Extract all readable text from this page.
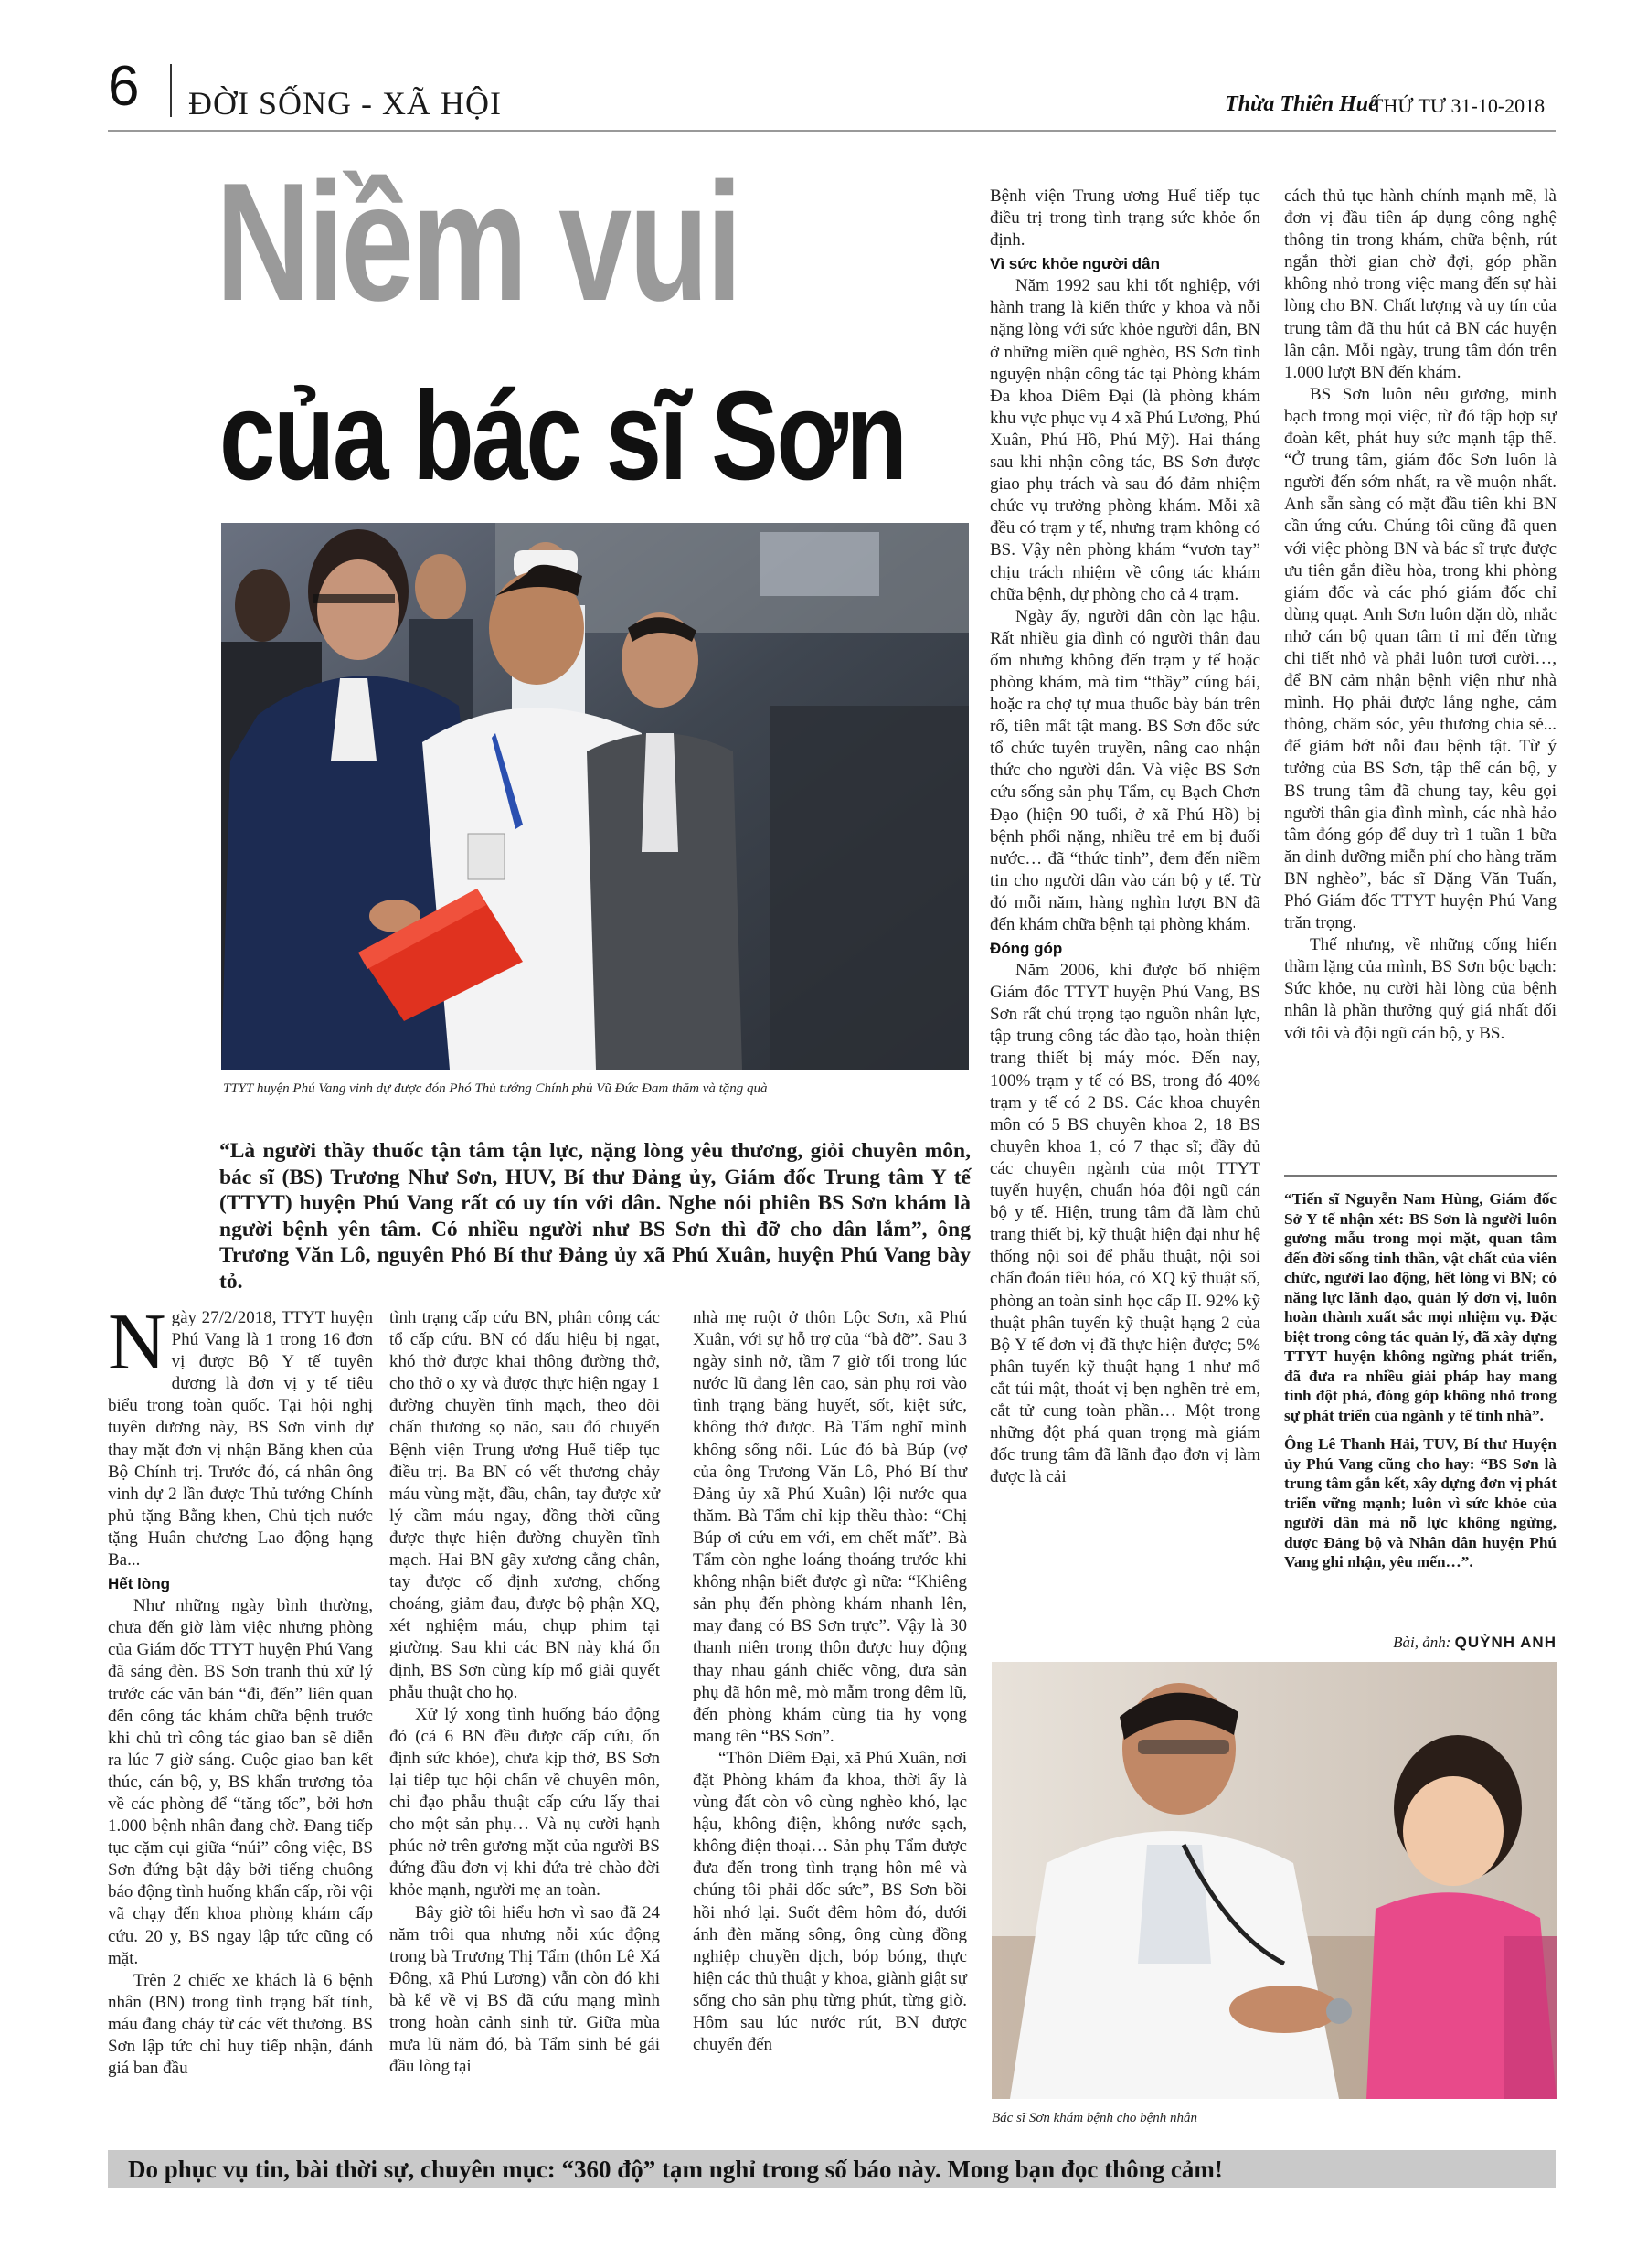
6 ĐỜI SỐNG - XÃ HỘI	Thừa Thiên Huế
THỨ TƯ 31-10-2018
Niềm vui
của bác sĩ Sơn
TTYT huyện Phú Vang vinh dự được đón Phó Thủ tướng Chính phủ Vũ Đức Đam thăm và tặng quà

Bệnh viện Trung ương Huế tiếp tục điều trị trong tình trạng sức khỏe ổn định.

Vì sức khỏe người dân

Năm 1992 sau khi tốt nghiệp, với hành trang là kiến thức y khoa và nỗi nặng lòng với sức khỏe người dân, BN ở những miền quê nghèo, BS Sơn tình nguyện nhận công tác tại Phòng khám Đa khoa Diêm Đại (là phòng khám khu vực phục vụ 4 xã Phú Lương, Phú Xuân, Phú Hồ, Phú Mỹ). Hai tháng sau khi nhận công tác, BS Sơn được giao phụ trách và sau đó đảm nhiệm chức vụ trưởng phòng khám. Mỗi xã đều có trạm y tế, nhưng trạm không có BS. Vậy nên phòng khám “vươn tay” chịu trách nhiệm về công tác khám chữa bệnh, dự phòng cho cả 4 trạm.

Ngày ấy, người dân còn lạc hậu. Rất nhiều gia đình có người thân đau ốm nhưng không đến trạm y tế hoặc phòng khám, mà tìm “thầy” cúng bái, hoặc ra chợ tự mua thuốc bày bán trên rổ, tiền mất tật mang. BS Sơn đốc sức tổ chức tuyên truyền, nâng cao nhận thức cho người dân. Và việc BS Sơn cứu sống sản phụ Tẩm, cụ Bạch Chơn Đạo (hiện 90 tuổi, ở xã Phú Hồ) bị bệnh phổi nặng, nhiều trẻ em bị đuối nước… đã “thức tỉnh”, đem đến niềm tin cho người dân vào cán bộ y tế. Từ đó mỗi năm, hàng nghìn lượt BN đã đến khám chữa bệnh tại phòng khám.

Đóng góp

Năm 2006, khi được bổ nhiệm Giám đốc TTYT huyện Phú Vang, BS Sơn rất chú trọng tạo nguồn nhân lực, tập trung công tác đào tạo, hoàn thiện trang thiết bị máy móc. Đến nay, 100% trạm y tế có BS, trong đó 40% trạm y tế có 2 BS. Các khoa chuyên môn có 5 BS chuyên khoa 2, 18 BS chuyên khoa 1, có 7 thạc sĩ; đầy đủ các chuyên ngành của một TTYT tuyến huyện, chuẩn hóa đội ngũ cán bộ y tế. Hiện, trung tâm đã làm chủ trang thiết bị, kỹ thuật hiện đại như hệ thống nội soi để phẫu thuật, nội soi chẩn đoán tiêu hóa, có XQ kỹ thuật số, phòng an toàn sinh học cấp II. 92% kỹ thuật phân tuyến kỹ thuật hạng 2 của Bộ Y tế đơn vị đã thực hiện được; 5% phân tuyến kỹ thuật hạng 1 như mổ cắt túi mật, thoát vị bẹn nghẽn trẻ em, cắt tử cung toàn phần… Một trong những đột phá quan trọng mà giám đốc trung tâm đã lãnh đạo đơn vị làm được là cải

cách thủ tục hành chính mạnh mẽ, là đơn vị đầu tiên áp dụng công nghệ thông tin trong khám, chữa bệnh, rút ngắn thời gian chờ đợi, góp phần không nhỏ trong việc mang đến sự hài lòng cho BN. Chất lượng và uy tín của trung tâm đã thu hút cả BN các huyện lân cận. Mỗi ngày, trung tâm đón trên 1.000 lượt BN đến khám.

BS Sơn luôn nêu gương, minh bạch trong mọi việc, từ đó tập hợp sự đoàn kết, phát huy sức mạnh tập thể. “Ở trung tâm, giám đốc Sơn luôn là người đến sớm nhất, ra về muộn nhất. Anh sẵn sàng có mặt đầu tiên khi BN cần ứng cứu. Chúng tôi cũng đã quen với việc phòng BN và bác sĩ trực được ưu tiên gắn điều hòa, trong khi phòng giám đốc và các phó giám đốc chỉ dùng quạt. Anh Sơn luôn dặn dò, nhắc nhở cán bộ quan tâm tỉ mỉ đến từng chi tiết nhỏ và phải luôn tươi cười…, để BN cảm nhận bệnh viện như nhà mình. Họ phải được lắng nghe, cảm thông, chăm sóc, yêu thương chia sẻ... để giảm bớt nỗi đau bệnh tật. Từ ý tưởng của BS Sơn, tập thể cán bộ, y BS trung tâm đã chung tay, kêu gọi người thân gia đình mình, các nhà hảo tâm đóng góp để duy trì 1 tuần 1 bữa ăn dinh dưỡng miễn phí cho hàng trăm BN nghèo”, bác sĩ Đặng Văn Tuấn, Phó Giám đốc TTYT huyện Phú Vang trăn trọng.

Thế nhưng, về những cống hiến thầm lặng của mình, BS Sơn bộc bạch: Sức khỏe, nụ cười hài lòng của bệnh nhân là phần thưởng quý giá nhất đối với tôi và đội ngũ cán bộ, y BS.

“Tiến sĩ Nguyễn Nam Hùng, Giám đốc Sở Y tế nhận xét: BS Sơn là người luôn gương mẫu trong mọi mặt, quan tâm đến đời sống tinh thần, vật chất của viên chức, người lao động, hết lòng vì BN; có năng lực lãnh đạo, quản lý đơn vị, luôn hoàn thành xuất sắc mọi nhiệm vụ. Đặc biệt trong công tác quản lý, đã xây dựng TTYT huyện không ngừng phát triển, đã đưa ra nhiều giải pháp hay mang tính đột phá, đóng góp không nhỏ trong sự phát triển của ngành y tế tỉnh nhà”.

Ông Lê Thanh Hải, TUV, Bí thư Huyện ủy Phú Vang cũng cho hay: “BS Sơn là trung tâm gắn kết, xây dựng đơn vị phát triển vững mạnh; luôn vì sức khỏe của người dân mà nỗ lực không ngừng, được Đảng bộ và Nhân dân huyện Phú Vang ghi nhận, yêu mến…”.

Bài, ảnh: QUỲNH ANH
“Là người thầy thuốc tận tâm tận lực, nặng lòng yêu thương, giỏi chuyên môn, bác sĩ (BS) Trương Như Sơn, HUV, Bí thư Đảng ủy, Giám đốc Trung tâm Y tế (TTYT) huyện Phú Vang rất có uy tín với dân. Nghe nói phiên BS Sơn khám là người bệnh yên tâm. Có nhiều người như BS Sơn thì đỡ cho dân lắm”, ông Trương Văn Lô, nguyên Phó Bí thư Đảng ủy xã Phú Xuân, huyện Phú Vang bày tỏ.

Ngày 27/2/2018, TTYT huyện Phú Vang là 1 trong 16 đơn vị được Bộ Y tế tuyên dương là đơn vị y tế tiêu biểu trong toàn quốc. Tại hội nghị tuyên dương này, BS Sơn vinh dự thay mặt đơn vị nhận Bằng khen của Bộ Chính trị. Trước đó, cá nhân ông vinh dự 2 lần được Thủ tướng Chính phủ tặng Bằng khen, Chủ tịch nước tặng Huân chương Lao động hạng Ba...

Hết lòng

Như những ngày bình thường, chưa đến giờ làm việc nhưng phòng của Giám đốc TTYT huyện Phú Vang đã sáng đèn. BS Sơn tranh thủ xử lý trước các văn bản “đi, đến” liên quan đến công tác khám chữa bệnh trước khi chủ trì công tác giao ban sẽ diễn ra lúc 7 giờ sáng. Cuộc giao ban kết thúc, cán bộ, y, BS khẩn trương tỏa về các phòng để “tăng tốc”, bởi hơn 1.000 bệnh nhân đang chờ. Đang tiếp tục cặm cụi giữa “núi” công việc, BS Sơn đứng bật dậy bởi tiếng chuông báo động tình huống khẩn cấp, rồi vội vã chạy đến khoa phòng khám cấp cứu. 20 y, BS ngay lập tức cũng có mặt.

Trên 2 chiếc xe khách là 6 bệnh nhân (BN) trong tình trạng bất tỉnh, máu đang chảy từ các vết thương. BS Sơn lập tức chỉ huy tiếp nhận, đánh giá ban đầu

tình trạng cấp cứu BN, phân công các tổ cấp cứu. BN có dấu hiệu bị ngạt, khó thở được khai thông đường thở, cho thở o xy và được thực hiện ngay 1 đường chuyền tĩnh mạch, theo dõi chấn thương sọ não, sau đó chuyển Bệnh viện Trung ương Huế tiếp tục điều trị. Ba BN có vết thương chảy máu vùng mặt, đầu, chân, tay được xử lý cầm máu ngay, đồng thời cũng được thực hiện đường chuyền tĩnh mạch. Hai BN gãy xương cẳng chân, tay được cố định xương, chống choáng, giảm đau, được bộ phận XQ, xét nghiệm máu, chụp phim tại giường. Sau khi các BN này khá ổn định, BS Sơn cùng kíp mổ giải quyết phẫu thuật cho họ.

Xử lý xong tình huống báo động đỏ (cả 6 BN đều được cấp cứu, ổn định sức khỏe), chưa kịp thở, BS Sơn lại tiếp tục hội chẩn về chuyên môn, chỉ đạo phẫu thuật cấp cứu lấy thai cho một sản phụ… Và nụ cười hạnh phúc nở trên gương mặt của người BS đứng đầu đơn vị khi đứa trẻ chào đời khỏe mạnh, người mẹ an toàn.

Bây giờ tôi hiểu hơn vì sao đã 24 năm trôi qua nhưng nỗi xúc động trong bà Trương Thị Tẩm (thôn Lê Xá Đông, xã Phú Lương) vẫn còn đó khi bà kể về vị BS đã cứu mạng mình trong hoàn cảnh sinh tử. Giữa mùa mưa lũ năm đó, bà Tẩm sinh bé gái đầu lòng tại

nhà mẹ ruột ở thôn Lộc Sơn, xã Phú Xuân, với sự hỗ trợ của “bà đỡ”. Sau 3 ngày sinh nở, tầm 7 giờ tối trong lúc nước lũ đang lên cao, sản phụ rơi vào tình trạng băng huyết, sốt, kiệt sức, không thở được. Bà Tẩm nghĩ mình không sống nổi. Lúc đó bà Búp (vợ của ông Trương Văn Lô, Phó Bí thư Đảng ủy xã Phú Xuân) lội nước qua thăm. Bà Tẩm chỉ kịp thều thào: “Chị Búp ơi cứu em với, em chết mất”. Bà Tẩm còn nghe loáng thoáng trước khi không nhận biết được gì nữa: “Khiêng sản phụ đến phòng khám nhanh lên, may đang có BS Sơn trực”. Vậy là 30 thanh niên trong thôn được huy động thay nhau gánh chiếc võng, đưa sản phụ đã hôn mê, mò mẫm trong đêm lũ, đến phòng khám cùng tia hy vọng mang tên “BS Sơn”.

“Thôn Diêm Đại, xã Phú Xuân, nơi đặt Phòng khám đa khoa, thời ấy là vùng đất còn vô cùng nghèo khó, lạc hậu, không điện, không nước sạch, không điện thoại… Sản phụ Tẩm được đưa đến trong tình trạng hôn mê và chúng tôi phải dốc sức”, BS Sơn bồi hồi nhớ lại. Suốt đêm hôm đó, dưới ánh đèn măng sông, ông cùng đồng nghiệp chuyền dịch, bóp bóng, thực hiện các thủ thuật y khoa, giành giật sự sống cho sản phụ từng phút, từng giờ. Hôm sau lúc nước rút, BN được chuyển đến

Bác sĩ Sơn khám bệnh cho bệnh nhân
Do phục vụ tin, bài thời sự, chuyên mục: “360 độ” tạm nghỉ trong số báo này. Mong bạn đọc thông cảm!
